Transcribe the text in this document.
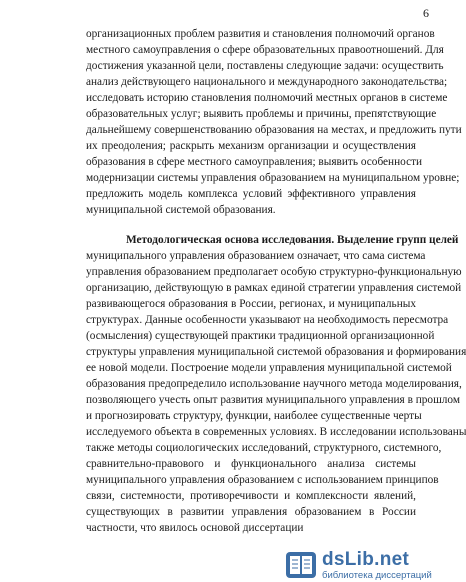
6
организационных проблем развития и становления полномочий органов
местного самоуправления о сфере образовательных правоотношений. Для
достижения указанной цели, поставлены следующие задачи: осуществить
анализ действующего национального и международного законодательства;
исследовать историю становления полномочий местных органов в системе
образовательных услуг; выявить проблемы и причины, препятствующие
дальнейшему совершенствованию образования на местах, и предложить пути
их преодоления; раскрыть механизм организации и осуществления
образования в сфере местного самоуправления; выявить особенности
модернизации системы управления образованием на муниципальном уровне;
предложить модель комплекса условий эффективного управления
муниципальной системой образования.
Методологическая основа исследования. Выделение групп целей
муниципального управления образованием означает, что сама система
управления образованием предполагает особую структурно-функциональную
организацию, действующую в рамках единой стратегии управления системой
развивающегося образования в России, регионах, и муниципальных
структурах. Данные особенности указывают на необходимость пересмотра
(осмысления) существующей практики традиционной организационной
структуры управления муниципальной системой образования и формирования
ее новой модели. Построение модели управления муниципальной системой
образования предопределило использование научного метода моделирования,
позволяющего учесть опыт развития муниципального управления в прошлом
и прогнозировать структуру, функции, наиболее существенные черты
исследуемого объекта в современных условиях. В исследовании использованы
также методы социологических исследований, структурного, системного,
сравнительно-правового и функционального анализа системы
муниципального управления образованием с использованием принципов
связи, системности, противоречивости и комплексности явлений,
существующих в развитии управления образованием в России
частности, что явилось основой диссертации
dsLib.net
библиотека диссертаций
